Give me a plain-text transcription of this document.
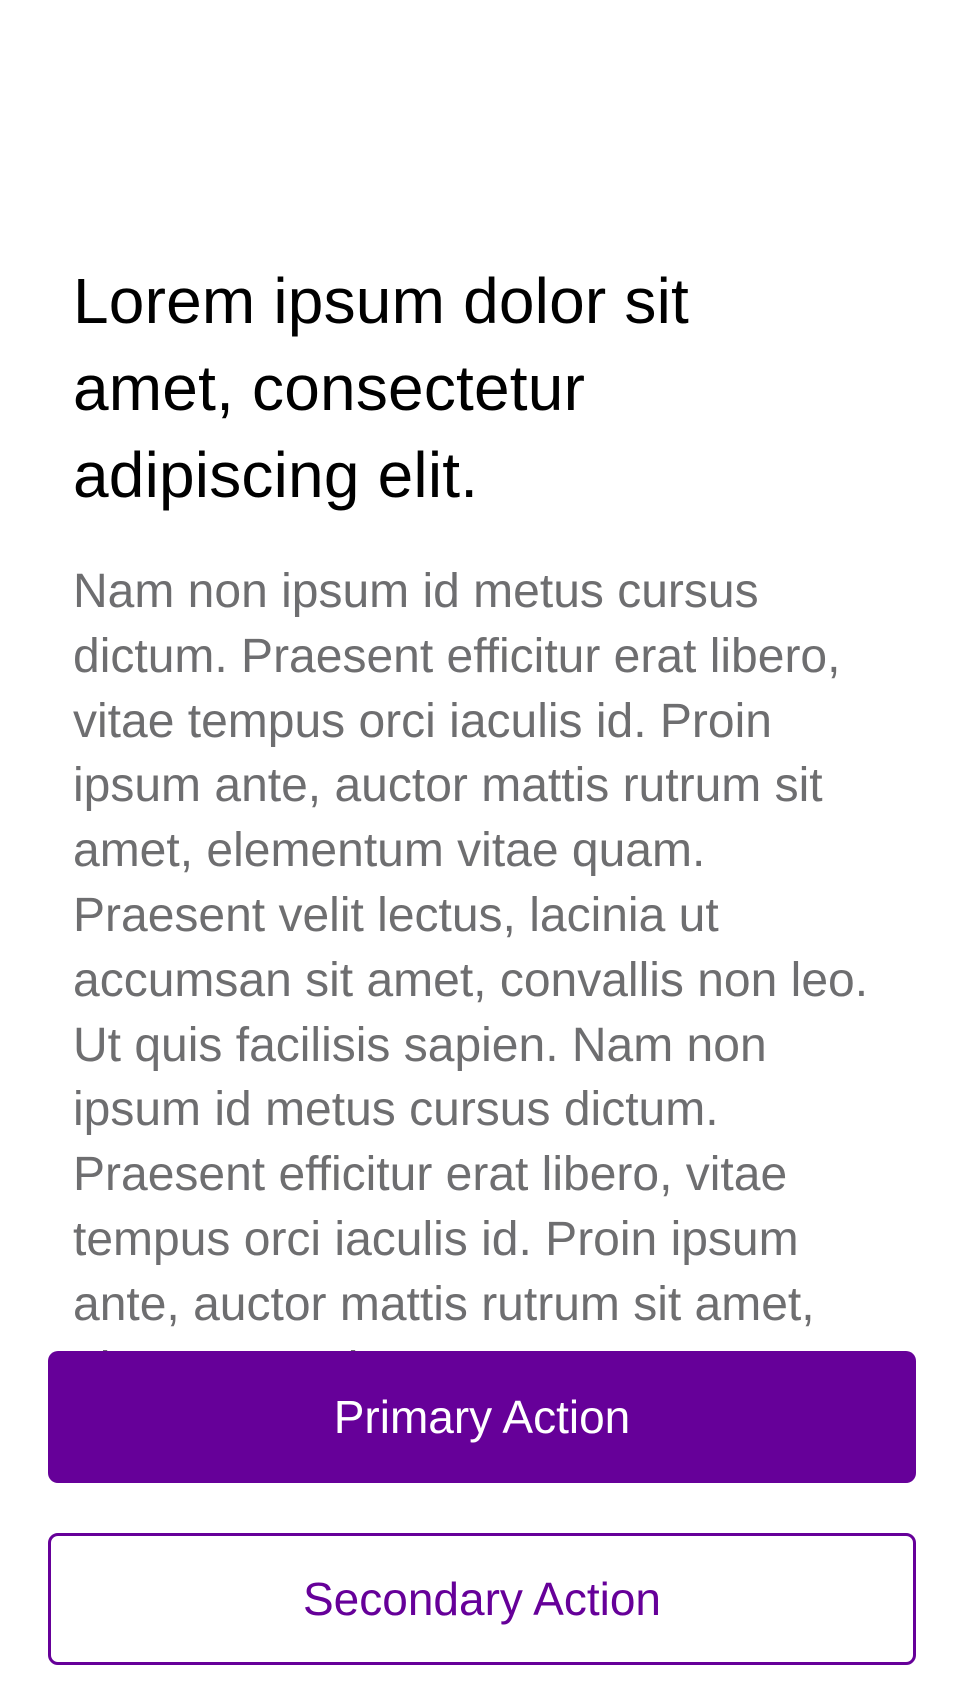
Lorem ipsum dolor sit amet, consectetur adipiscing elit.

Nam non ipsum id metus cursus dictum. Praesent efficitur erat libero, vitae tempus orci iaculis id. Proin ipsum ante, auctor mattis rutrum sit amet, elementum vitae quam. Praesent velit lectus, lacinia ut accumsan sit amet, convallis non leo. Ut quis facilisis sapien. Nam non ipsum id metus cursus dictum. Praesent efficitur erat libero, vitae tempus orci iaculis id. Proin ipsum ante, auctor mattis rutrum sit amet,

Primary Action
Secondary Action
